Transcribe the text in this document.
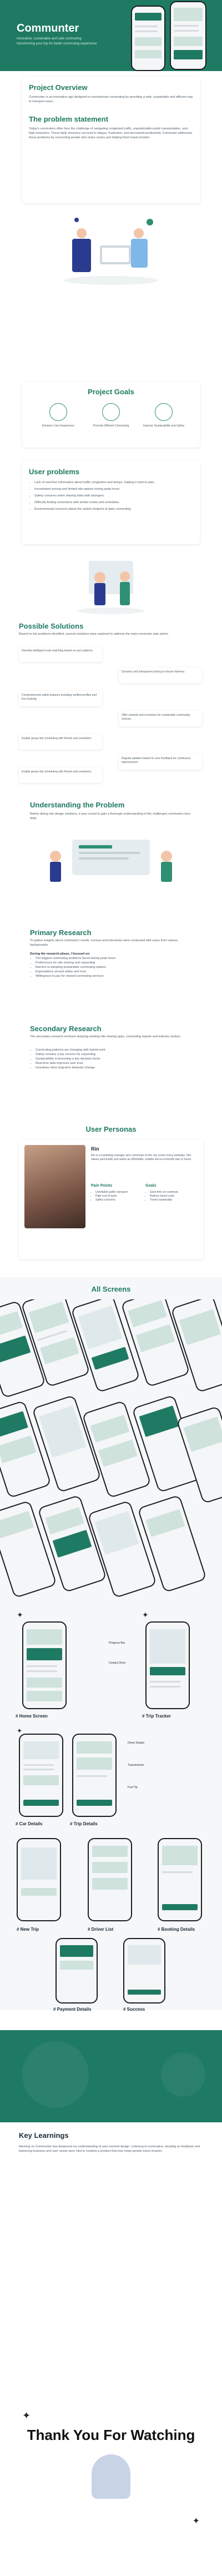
Communter
Innovative, sustainable and safe commuting transforming your trip for better commuting experience
Project Overview
Communter is an innovative app designed to revolutionize commuting by providing a safe, sustainable and efficient way to transport users.
The problem statement
Today's commuters often face the challenge of navigating congested traffic, unpredictable public transportation, and high emissions. These daily stressors can lead to fatigue, frustration, and decreased productivity. Commuter addresses these problems by connecting people who share routes and helping them travel smarter.
Project Goals
Enhance User Experience	Promote Efficient Commuting	Improve Sustainability and Safety
User problems
• Lack of real-time information about traffic congestion and delays, making it hard to plan.
• Inconsistent pricing and limited ride options during peak hours.
• Safety concerns when sharing rides with strangers.
• Difficulty finding commuters with similar routes and schedules.
• Environmental concerns about the carbon footprint of daily commuting.
Possible Solutions
Based on the problems identified, several solutions were explored to address the main commuter pain points.
Develop intelligent route matching based on user patterns.
Dynamic and transparent pricing to ensure fairness.
Comprehensive safety features including verified profiles and live tracking.
Offer rewards and incentives for sustainable commuting choices.
Enable group ride scheduling with friends and coworkers.
Regular updates based on user feedback for continuous improvement.
Enable group ride scheduling with friends and coworkers.
Understanding the Problem
Before diving into design solutions, it was crucial to gain a thorough understanding of the challenges commuters face daily.
Primary Research
To gather insights about commuters' needs, surveys and interviews were conducted with users from various backgrounds.
During the research phase, I focused on:
• The biggest commuting problems faced during peak hours
• Preferences for ride sharing and carpooling
• Barriers to adopting sustainable commuting options
• Expectations around safety and trust
• Willingness to pay for shared commuting services
Secondary Research
The secondary research involved studying existing ride sharing apps, commuting reports and industry studies.
• Commuting patterns are changing with hybrid work
• Safety remains a top concern for carpooling
• Sustainability is becoming a key decision factor
• Real-time data improves user trust
• Incentives drive long-term behavior change
User Personas
Rin
Rin is a marketing manager who commutes to the city centre every weekday. She values punctuality and wants an affordable, reliable and eco-friendly way to travel.
Pain Points
• Unreliable public transport
• High cost of taxis
• Safety concerns
Goals
• Save time on commute
• Reduce travel costs
• Travel sustainably
All Screens
✦	✦
Progress Bar
Contact Drive
# Home Screen	# Trip Tracker
✦
Driver Details
Transmission
Fuel Tip
# Car Details	# Trip Details
# New Trip	# Driver List	# Booking Details
# Payment Details	# Success
Key Learnings
Working on Communter has deepened my understanding of user-centred design. Listening to commuters, iterating on feedback and balancing business and user needs were vital to creating a product that truly helps people travel smarter.
✦
Thank You For Watching
✦
